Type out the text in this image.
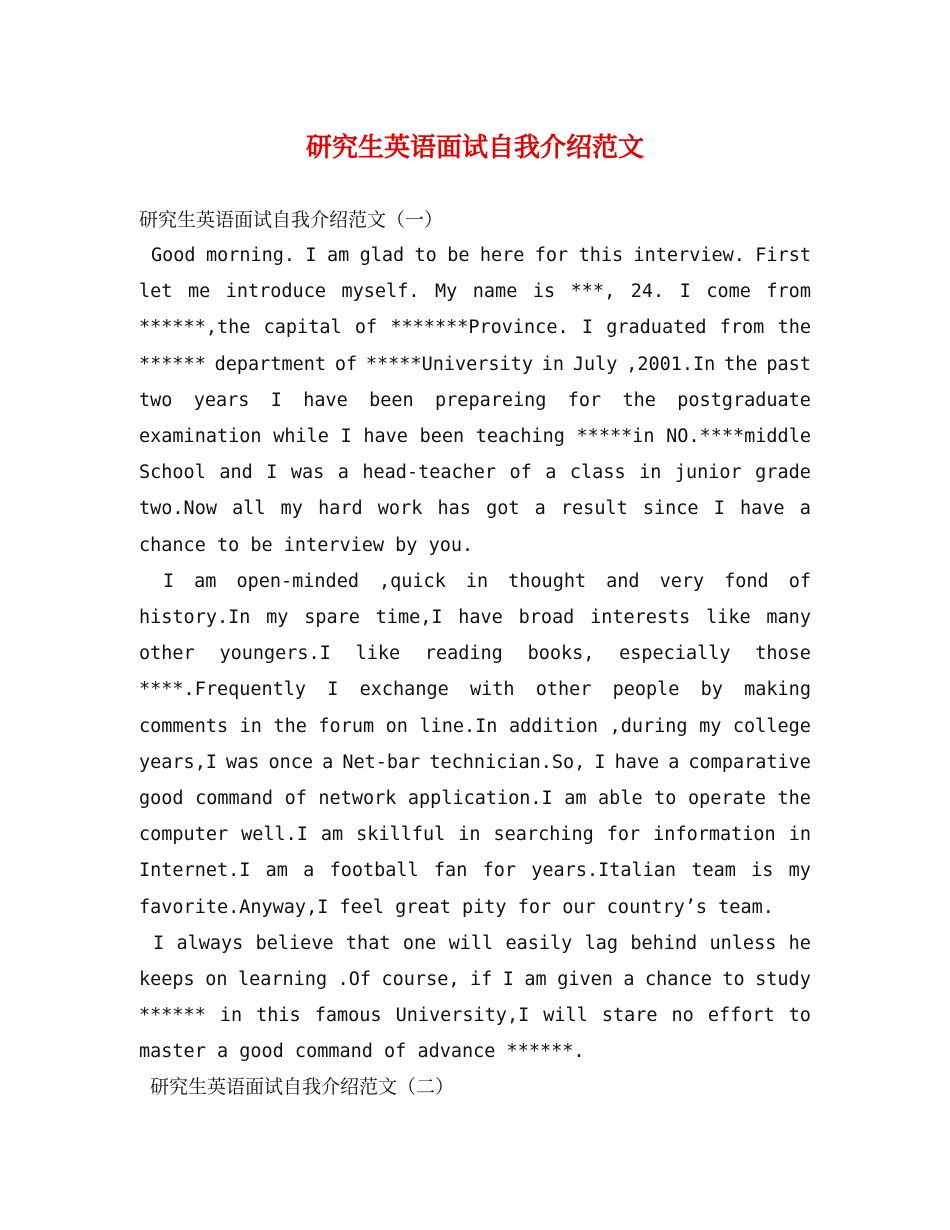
研究生英语面试自我介绍范文
研究生英语面试自我介绍范文（一）
Good morning. I am glad to be here for this interview. First
let me introduce myself. My name is ***, 24. I come from
******,the capital of *******Province. I graduated from the
****** department of *****University in July ,2001.In the past
two years I have been prepareing for the postgraduate
examination while I have been teaching *****in NO.****middle
School and I was a head-teacher of a class in junior grade
two.Now all my hard work has got a result since I have a
chance to be interview by you.
I am open-minded ,quick in thought and very fond of
history.In my spare time,I have broad interests like many
other youngers.I like reading books, especially those
****.Frequently I exchange with other people by making
comments in the forum on line.In addition ,during my college
years,I was once a Net-bar technician.So, I have a comparative
good command of network application.I am able to operate the
computer well.I am skillful in searching for information in
Internet.I am a football fan for years.Italian team is my
favorite.Anyway,I feel great pity for our country’s team.
I always believe that one will easily lag behind unless he
keeps on learning .Of course, if I am given a chance to study
****** in this famous University,I will stare no effort to
master a good command of advance ******.
研究生英语面试自我介绍范文（二）
